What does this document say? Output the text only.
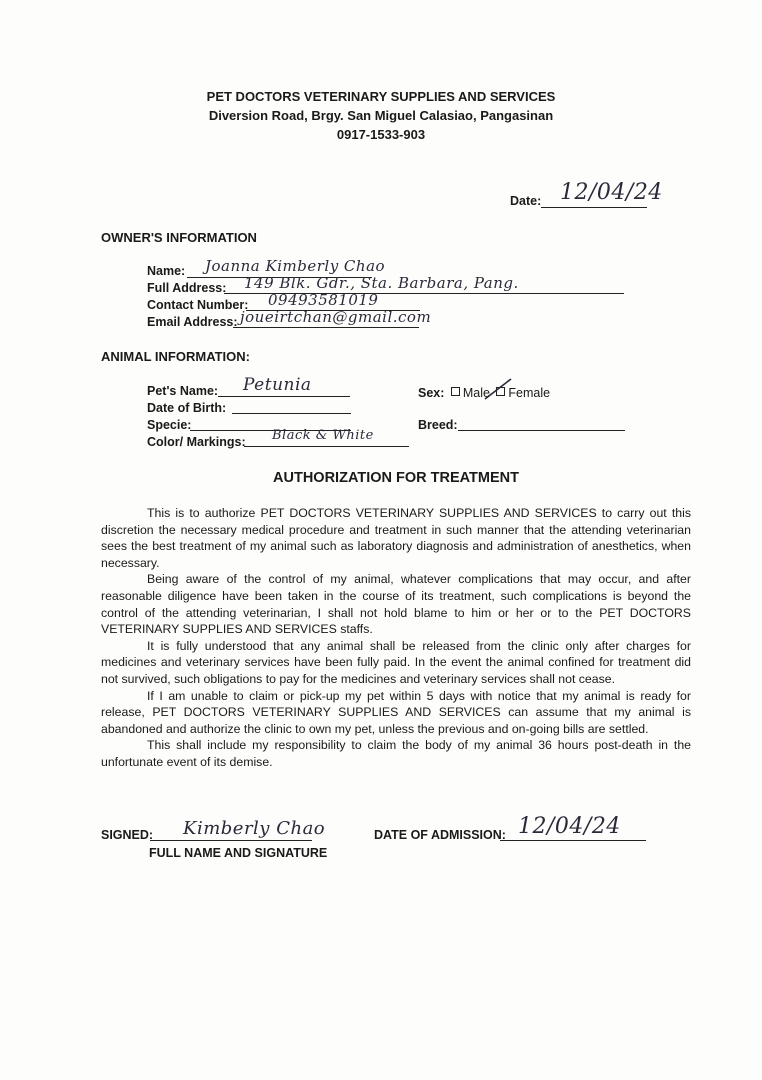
PET DOCTORS VETERINARY SUPPLIES AND SERVICES
Diversion Road, Brgy. San Miguel Calasiao, Pangasinan
0917-1533-903
Date: 12/04/24
OWNER'S INFORMATION
Name: Joanna Kimberly Chao
Full Address: 149 Blk. Gdr., Sta. Barbara, Pang.
Contact Number: 09493581019
Email Address: joueirtchan@gmail.com
ANIMAL INFORMATION:
Pet's Name: Petunia
Date of Birth:
Specie:
Color/ Markings: Black & White
Sex: Male Female
Breed:
AUTHORIZATION FOR TREATMENT

This is to authorize PET DOCTORS VETERINARY SUPPLIES AND SERVICES to carry out this discretion the necessary medical procedure and treatment in such manner that the attending veterinarian sees the best treatment of my animal such as laboratory diagnosis and administration of anesthetics, when necessary.

Being aware of the control of my animal, whatever complications that may occur, and after reasonable diligence have been taken in the course of its treatment, such complications is beyond the control of the attending veterinarian, I shall not hold blame to him or her or to the PET DOCTORS VETERINARY SUPPLIES AND SERVICES staffs.

It is fully understood that any animal shall be released from the clinic only after charges for medicines and veterinary services have been fully paid. In the event the animal confined for treatment did not survived, such obligations to pay for the medicines and veterinary services shall not cease.

If I am unable to claim or pick-up my pet within 5 days with notice that my animal is ready for release, PET DOCTORS VETERINARY SUPPLIES AND SERVICES can assume that my animal is abandoned and authorize the clinic to own my pet, unless the previous and on-going bills are settled.

This shall include my responsibility to claim the body of my animal 36 hours post-death in the unfortunate event of its demise.

SIGNED: Kimberly Chao
FULL NAME AND SIGNATURE
DATE OF ADMISSION: 12/04/24
